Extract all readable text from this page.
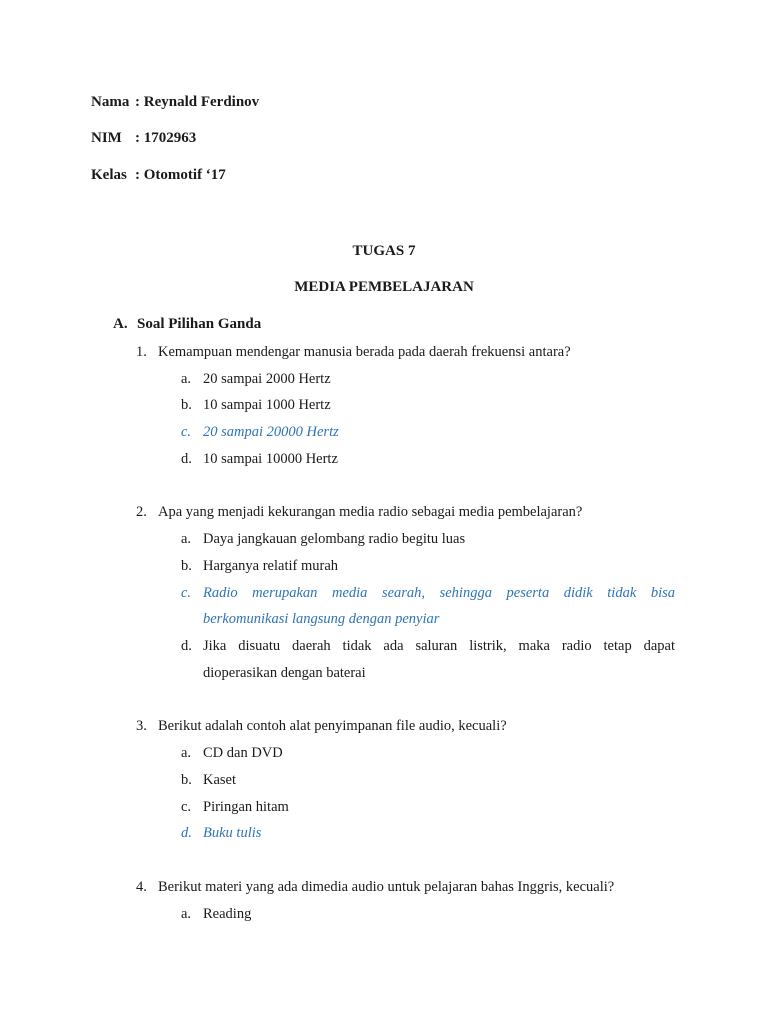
Nama : Reynald Ferdinov
NIM : 1702963
Kelas : Otomotif ‘17
TUGAS 7
MEDIA PEMBELAJARAN
A. Soal Pilihan Ganda
1. Kemampuan mendengar manusia berada pada daerah frekuensi antara?
a. 20 sampai 2000 Hertz
b. 10 sampai 1000 Hertz
c. 20 sampai 20000 Hertz
d. 10 sampai 10000 Hertz
2. Apa yang menjadi kekurangan media radio sebagai media pembelajaran?
a. Daya jangkauan gelombang radio begitu luas
b. Harganya relatif murah
c. Radio merupakan media searah, sehingga peserta didik tidak bisa
berkomunikasi langsung dengan penyiar
d. Jika disuatu daerah tidak ada saluran listrik, maka radio tetap dapat
dioperasikan dengan baterai
3. Berikut adalah contoh alat penyimpanan file audio, kecuali?
a. CD dan DVD
b. Kaset
c. Piringan hitam
d. Buku tulis
4. Berikut materi yang ada dimedia audio untuk pelajaran bahas Inggris, kecuali?
a. Reading
